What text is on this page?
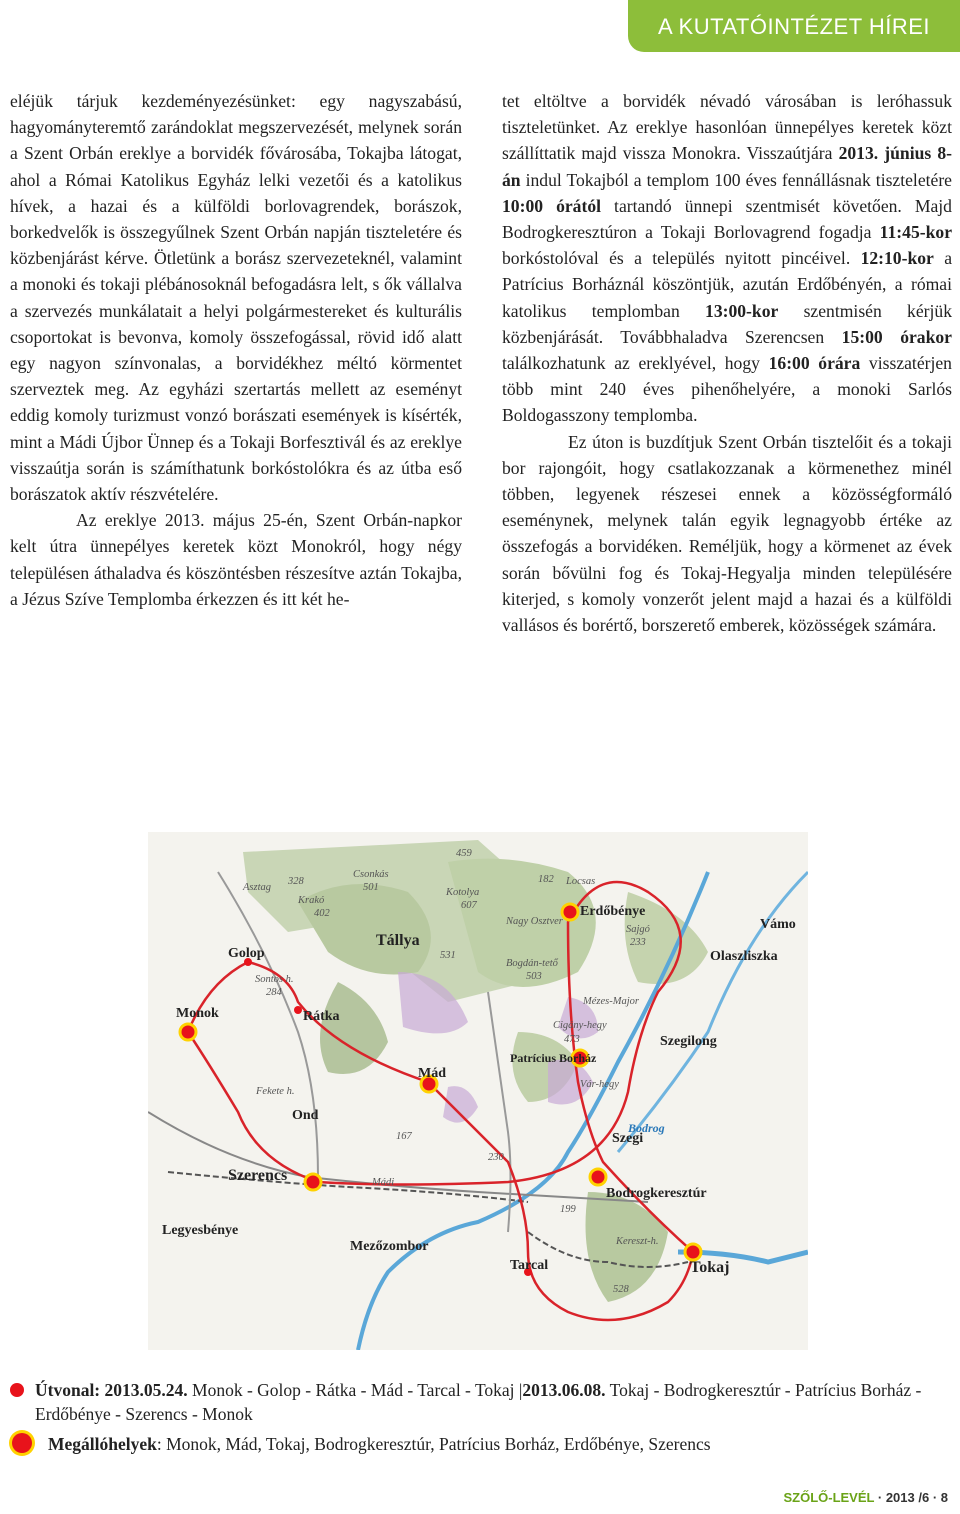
A KUTATÓINTÉZET HÍREI

eléjük tárjuk kezdeményezésünket: egy nagyszabású, hagyományteremtő zarándoklat megszervezését, melynek során a Szent Orbán ereklye a borvidék fővárosába, Tokajba látogat, ahol a Római Katolikus Egyház lelki vezetői és a katolikus hívek, a hazai és a külföldi borlovagrendek, borászok, borkedvelők is összegyűlnek Szent Orbán napján tiszteletére és közbenjárást kérve. Ötletünk a borász szervezeteknél, valamint a monoki és tokaji plébánosoknál befogadásra lelt, s ők vállalva a szervezés munkálatait a helyi polgármestereket és kulturális csoportokat is bevonva, komoly összefogással, rövid idő alatt egy nagyon színvonalas, a borvidékhez méltó körmentet szerveztek meg. Az egyházi szertartás mellett az eseményt eddig komoly turizmust vonzó borászati események is kísérték, mint a Mádi Újbor Ünnep és a Tokaji Borfesztivál és az ereklye visszaútja során is számíthatunk borkóstolókra és az útba eső borászatok aktív részvételére.

Az ereklye 2013. május 25-én, Szent Orbán-napkor kelt útra ünnepélyes keretek közt Monokról, hogy négy településen áthaladva és köszöntésben részesítve aztán Tokajba, a Jézus Szíve Templomba érkezzen és itt két he-

tet eltöltve a borvidék névadó városában is leróhassuk tiszteletünket. Az ereklye hasonlóan ünnepélyes keretek közt szállíttatik majd vissza Monokra. Visszaútjára 2013. június 8-án indul Tokajból a templom 100 éves fennállásnak tiszteletére 10:00 órától tartandó ünnepi szentmisét követően. Majd Bodrogkeresztúron a Tokaji Borlovagrend fogadja 11:45-kor borkóstolóval és a település nyitott pincéivel. 12:10-kor a Patrícius Borháznál köszöntjük, azután Erdőbényén, a római katolikus templomban 13:00-kor szentmisén kérjük közbenjárását. Továbbhaladva Szerencsen 15:00 órakor találkozhatunk az ereklyével, hogy 16:00 órára visszatérjen több mint 240 éves pihenőhelyére, a monoki Sarlós Boldogasszony templomba.

Ez úton is buzdítjuk Szent Orbán tisztelőit és a tokaji bor rajongóit, hogy csatlakozzanak a körmenethez minél többen, legyenek részesei ennek a közösségformáló eseménynek, melynek talán egyik legnagyobb értéke az összefogás a borvidéken. Reméljük, hogy a körmenet az évek során bővülni fog és Tokaj-Hegyalja minden településére kiterjed, s komoly vonzerőt jelent majd a hazai és a külföldi vallásos és borértő, borszerető emberek, közösségek számára.

Golop
Monok	Rátka
Tállya
Mád
Ond
Szerencs
Legyesbénye
Mezőzombor
Tarcal	Tokaj
Bodrogkeresztúr
Szegi
Szegilong
Olaszliszka
Erdőbénye
Patrícius Borház
Vámo
Csonkás
501	Kotolya
607
Nagy Osztver
Locsas
182
Sajgó
233
Krakó
402
328
Sontos h.
284
531
Bogdán-tető
503
Cigány-hegy
473
Fekete h.
167
230
199
528
Kereszt-h.
Mézes-Major
459
Asztag
Vár-hegy
Bodrog
Mádi
Útvonal: 2013.05.24. Monok - Golop - Rátka - Mád - Tarcal - Tokaj |2013.06.08. Tokaj - Bodrogkeresztúr - Patrícius Borház - Erdőbénye - Szerencs - Monok
Megállóhelyek: Monok, Mád, Tokaj, Bodrogkeresztúr, Patrícius Borház, Erdőbénye, Szerencs
SZŐLŐ-LEVÉL · 2013 /6 · 8
